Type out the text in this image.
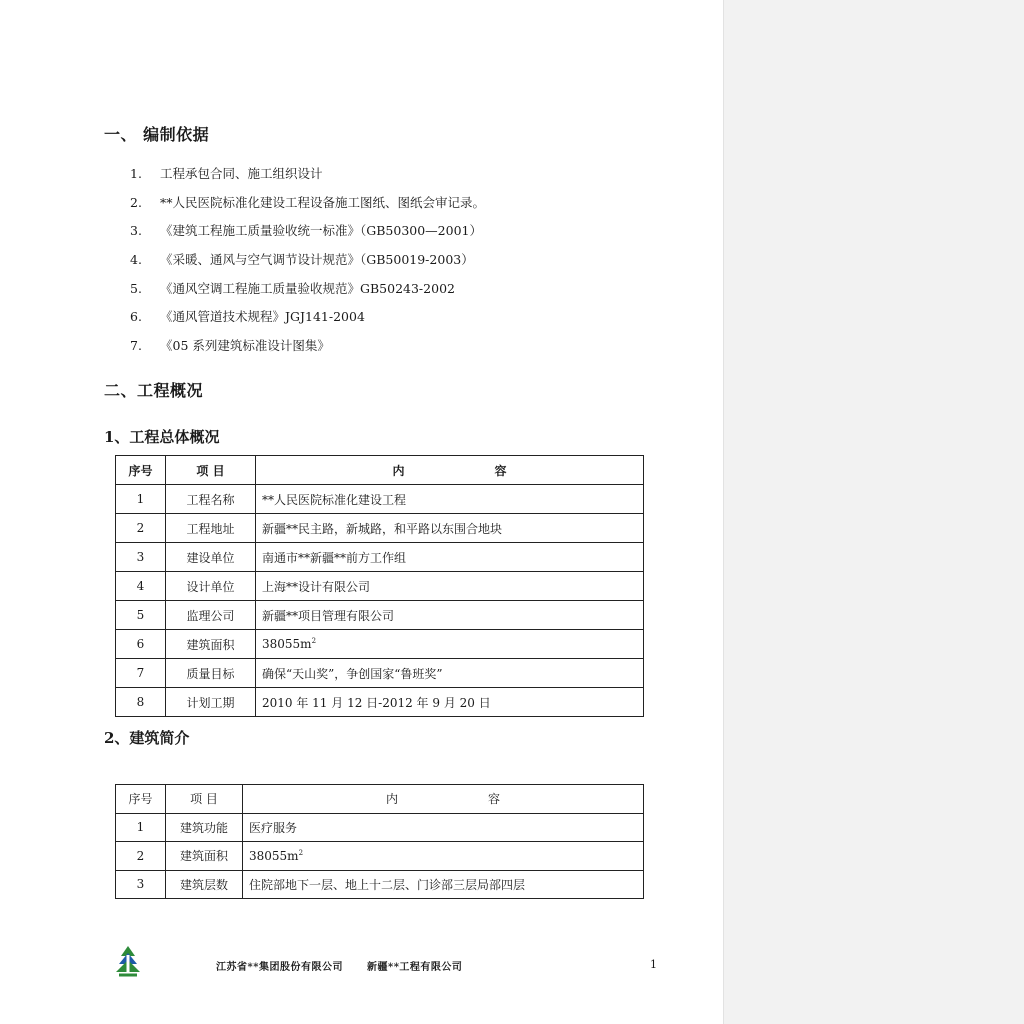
一、 编制依据
1. 工程承包合同、施工组织设计
2. **人民医院标准化建设工程设备施工图纸、图纸会审记录。
3. 《建筑工程施工质量验收统一标准》（GB50300—2001）
4. 《采暖、通风与空气调节设计规范》（GB50019-2003）
5. 《通风空调工程施工质量验收规范》GB50243-2002
6. 《通风管道技术规程》JGJ141-2004
7. 《05 系列建筑标准设计图集》
二、工程概况
1、工程总体概况
序号	项 目	内 容
1	工程名称	**人民医院标准化建设工程
2	工程地址	新疆**民主路，新城路，和平路以东围合地块
3	建设单位	南通市**新疆**前方工作组
4	设计单位	上海**设计有限公司
5	监理公司	新疆**项目管理有限公司
6	建筑面积	$38055m^2$
7	质量目标	确保“天山奖”，争创国家“鲁班奖”
8	计划工期	2010 年 11 月 12 日-2012 年 9 月 20 日
2、建筑简介
序号	项 目	内 容
1	建筑功能	医疗服务
2	建筑面积	$38055m^2$
3	建筑层数	住院部地下一层、地上十二层、门诊部三层局部四层
江苏省**集团股份有限公司 新疆**工程有限公司	1
